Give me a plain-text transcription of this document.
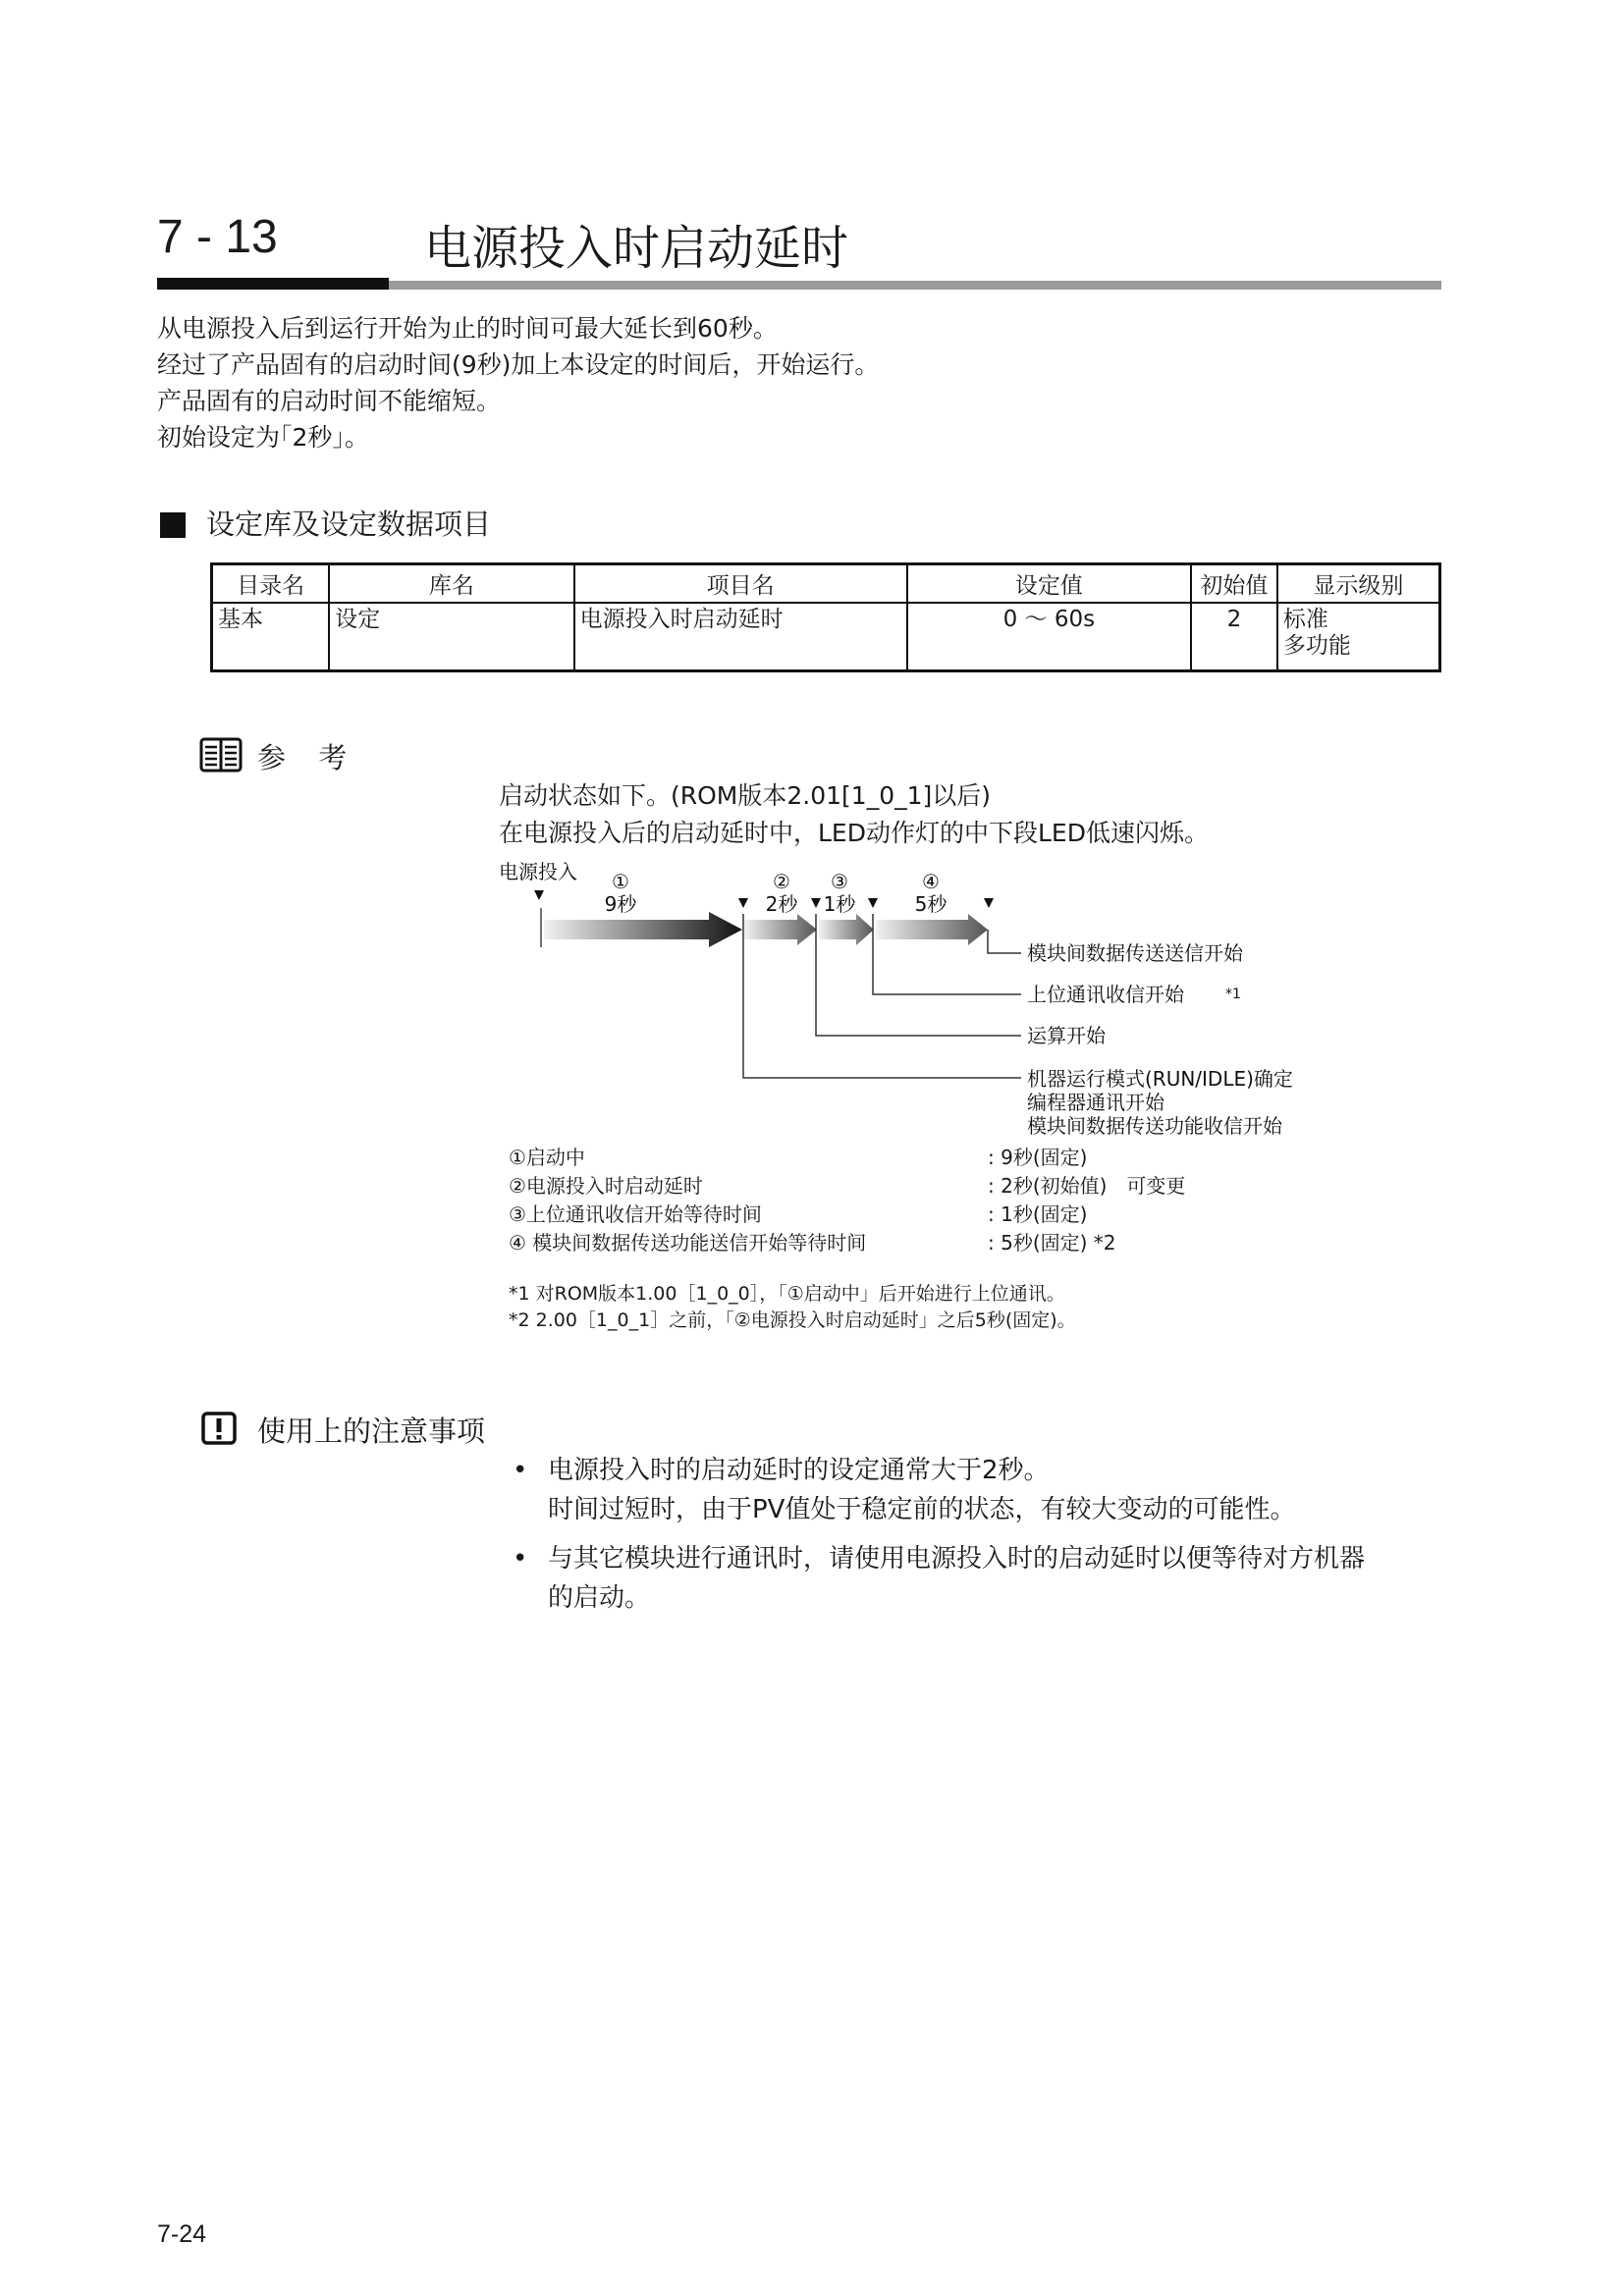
7 - 13	电源投入时启动延时
从电源投入后到运行开始为止的时间可最大延长到60秒。
经过了产品固有的启动时间(9秒)加上本设定的时间后，开始运行。
产品固有的启动时间不能缩短。
初始设定为｢2秒｣。
设定库及设定数据项目
目录名	库名	项目名	设定值	初始值	显示级别
基本	设定	电源投入时启动延时	0 ～ 60s	2	标准
多功能
参 考
启动状态如下。(ROM版本2.01[1_0_1]以后)
在电源投入后的启动延时中，LED动作灯的中下段LED低速闪烁。
电源投入 ①
9秒
②
2秒
③
1秒
④
5秒
模块间数据传送送信开始
上位通讯收信开始	*1
运算开始
机器运行模式(RUN/IDLE)确定
编程器通讯开始
模块间数据传送功能收信开始
①启动中	: 9秒(固定)
②电源投入时启动延时	: 2秒(初始值)　可变更
③上位通讯收信开始等待时间	: 1秒(固定)
④ 模块间数据传送功能送信开始等待时间	: 5秒(固定) *2
*1 对ROM版本1.00［1_0_0］，「①启动中」后开始进行上位通讯。
*2 2.00［1_0_1］之前，「②电源投入时启动延时」之后5秒(固定)。
使用上的注意事项
• 电源投入时的启动延时的设定通常大于2秒。
时间过短时，由于PV值处于稳定前的状态，有较大变动的可能性。
• 与其它模块进行通讯时，请使用电源投入时的启动延时以便等待对方机器
的启动。
7-24
